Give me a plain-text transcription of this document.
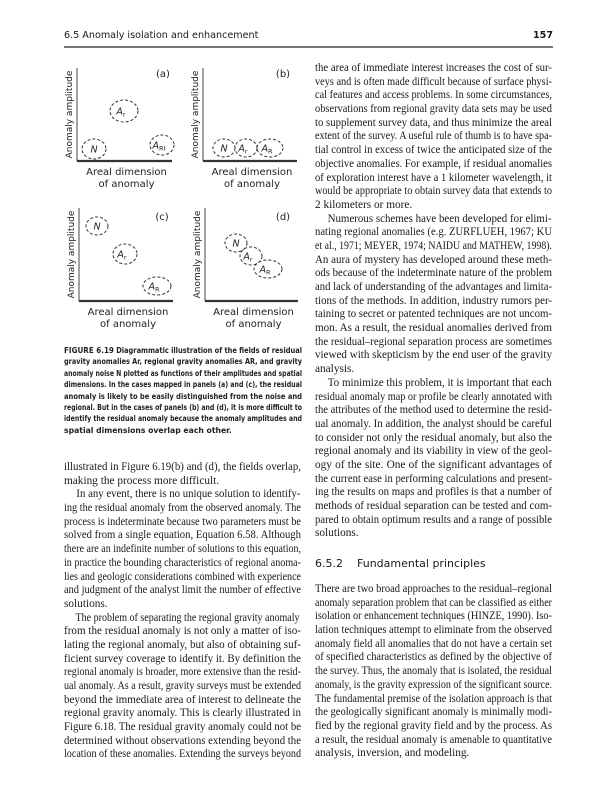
6.5 Anomaly isolation and enhancement	157
(a)
Anomaly amplitude
Areal dimension
of anomaly
$A_r$
N	$A_{RI}$
(b)
Anomaly amplitude
Areal dimension
of anomaly
N $A_r$ $A_R$
(c)
Anomaly amplitude
Areal dimension
of anomaly
N
$A_r$
$A_R$
(d)
Anomaly amplitude
Areal dimension
of anomaly
N
$A_r$
$A_R$
FIGURE 6.19 Diagrammatic illustration of the fields of residual
gravity anomalies Ar, regional gravity anomalies AR, and gravity
anomaly noise N plotted as functions of their amplitudes and spatial
dimensions. In the cases mapped in panels (a) and (c), the residual
anomaly is likely to be easily distinguished from the noise and
regional. But in the cases of panels (b) and (d), it is more difficult to
identify the residual anomaly because the anomaly amplitudes and
spatial dimensions overlap each other.
illustrated in Figure 6.19(b) and (d), the fields overlap,
making the process more difficult.
In any event, there is no unique solution to identify-
ing the residual anomaly from the observed anomaly. The
process is indeterminate because two parameters must be
solved from a single equation, Equation 6.58. Although
there are an indefinite number of solutions to this equation,
in practice the bounding characteristics of regional anoma-
lies and geologic considerations combined with experience
and judgment of the analyst limit the number of effective
solutions.
The problem of separating the regional gravity anomaly
from the residual anomaly is not only a matter of iso-
lating the regional anomaly, but also of obtaining suf-
ficient survey coverage to identify it. By definition the
regional anomaly is broader, more extensive than the resid-
ual anomaly. As a result, gravity surveys must be extended
beyond the immediate area of interest to delineate the
regional gravity anomaly. This is clearly illustrated in
Figure 6.18. The residual gravity anomaly could not be
determined without observations extending beyond the
location of these anomalies. Extending the surveys beyond
the area of immediate interest increases the cost of sur-
veys and is often made difficult because of surface physi-
cal features and access problems. In some circumstances,
observations from regional gravity data sets may be used
to supplement survey data, and thus minimize the areal
extent of the survey. A useful rule of thumb is to have spa-
tial control in excess of twice the anticipated size of the
objective anomalies. For example, if residual anomalies
of exploration interest have a 1 kilometer wavelength, it
would be appropriate to obtain survey data that extends to
2 kilometers or more.
Numerous schemes have been developed for elimi-
nating regional anomalies (e.g. ZURFLUEH, 1967; KU
et al., 1971; MEYER, 1974; NAIDU and MATHEW, 1998).
An aura of mystery has developed around these meth-
ods because of the indeterminate nature of the problem
and lack of understanding of the advantages and limita-
tions of the methods. In addition, industry rumors per-
taining to secret or patented techniques are not uncom-
mon. As a result, the residual anomalies derived from
the residual–regional separation process are sometimes
viewed with skepticism by the end user of the gravity
analysis.
To minimize this problem, it is important that each
residual anomaly map or profile be clearly annotated with
the attributes of the method used to determine the resid-
ual anomaly. In addition, the analyst should be careful
to consider not only the residual anomaly, but also the
regional anomaly and its viability in view of the geol-
ogy of the site. One of the significant advantages of
the current ease in performing calculations and present-
ing the results on maps and profiles is that a number of
methods of residual separation can be tested and com-
pared to obtain optimum results and a range of possible
solutions.
6.5.2 Fundamental principles
There are two broad approaches to the residual–regional
anomaly separation problem that can be classified as either
isolation or enhancement techniques (HINZE, 1990). Iso-
lation techniques attempt to eliminate from the observed
anomaly field all anomalies that do not have a certain set
of specified characteristics as defined by the objective of
the survey. Thus, the anomaly that is isolated, the residual
anomaly, is the gravity expression of the significant source.
The fundamental premise of the isolation approach is that
the geologically significant anomaly is minimally modi-
fied by the regional gravity field and by the process. As
a result, the residual anomaly is amenable to quantitative
analysis, inversion, and modeling.
